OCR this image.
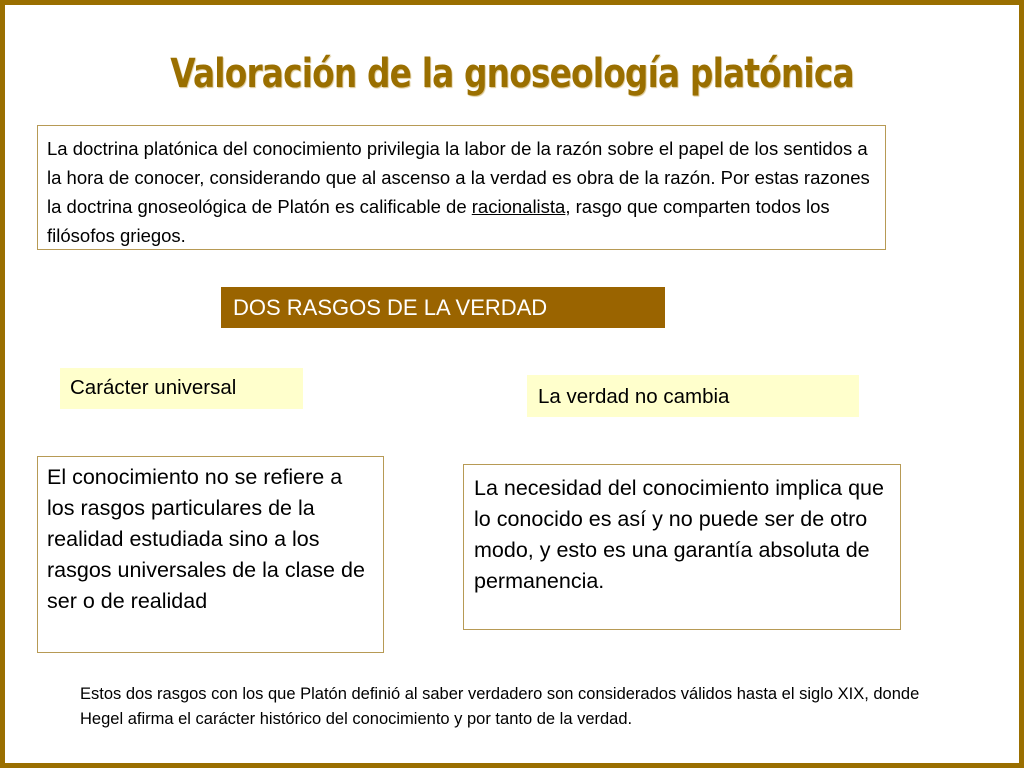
Valoración de la gnoseología platónica
La doctrina platónica del conocimiento privilegia la labor de la razón sobre el papel de los sentidos a la hora de conocer, considerando que al ascenso a la verdad es obra de la razón. Por estas razones la doctrina gnoseológica de Platón es calificable de racionalista, rasgo que comparten todos los filósofos griegos.
DOS RASGOS DE LA VERDAD
Carácter universal	La verdad no cambia
El conocimiento no se refiere a los rasgos particulares de la realidad estudiada sino a los rasgos universales de la clase de ser o de realidad
La necesidad del conocimiento implica que lo conocido es así y no puede ser de otro modo, y esto es una garantía absoluta de permanencia.
Estos dos rasgos con los que Platón definió al saber verdadero son considerados válidos hasta el siglo XIX, donde Hegel afirma el carácter histórico del conocimiento y por tanto de la verdad.
